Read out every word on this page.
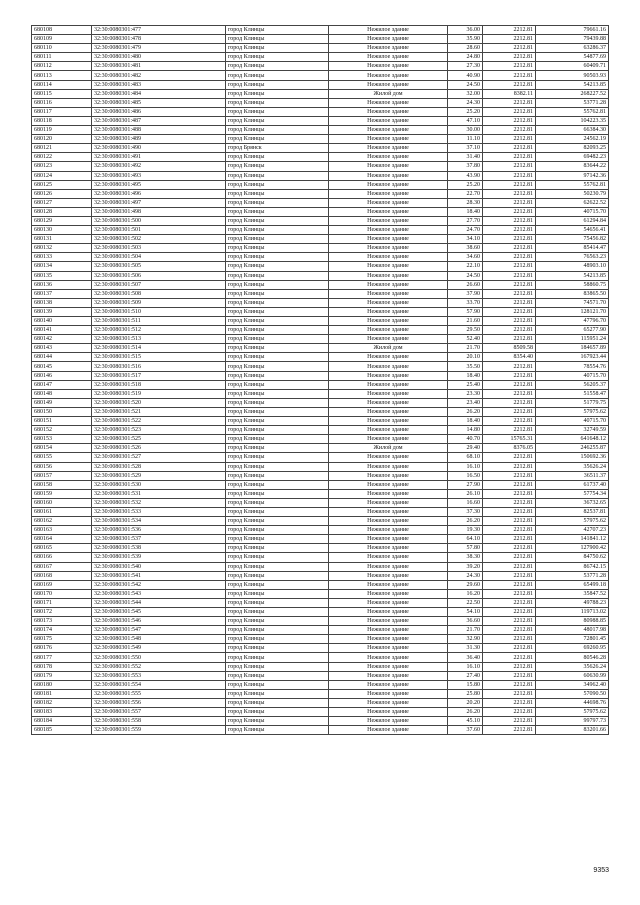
680108	32:30:0080301:477	город Клинцы	Нежилое здание	36.00	2212.81	79661.16
680109	32:30:0080301:478	город Клинцы	Нежилое здание	35.90	2212.81	79439.88
680110	32:30:0080301:479	город Клинцы	Нежилое здание	28.60	2212.81	63286.37
680111	32:30:0080301:480	город Клинцы	Нежилое здание	24.80	2212.81	54877.69
680112	32:30:0080301:481	город Клинцы	Нежилое здание	27.30	2212.81	60409.71
680113	32:30:0080301:482	город Клинцы	Нежилое здание	40.90	2212.81	90503.93
680114	32:30:0080301:483	город Клинцы	Нежилое здание	24.50	2212.81	54213.85
680115	32:30:0080301:484	город Клинцы	Жилой дом	32.00	8382.11	268227.52
680116	32:30:0080301:485	город Клинцы	Нежилое здание	24.30	2212.81	53771.28
680117	32:30:0080301:486	город Клинцы	Нежилое здание	25.20	2212.81	55762.81
680118	32:30:0080301:487	город Клинцы	Нежилое здание	47.10	2212.81	104223.35
680119	32:30:0080301:488	город Клинцы	Нежилое здание	30.00	2212.81	66384.30
680120	32:30:0080301:489	город Клинцы	Нежилое здание	11.10	2212.81	24562.19
680121	32:30:0080301:490	город Брянск	Нежилое здание	37.10	2212.81	82093.25
680122	32:30:0080301:491	город Клинцы	Нежилое здание	31.40	2212.81	69482.23
680123	32:30:0080301:492	город Клинцы	Нежилое здание	37.80	2212.81	83644.22
680124	32:30:0080301:493	город Клинцы	Нежилое здание	43.90	2212.81	97142.36
680125	32:30:0080301:495	город Клинцы	Нежилое здание	25.20	2212.81	55762.81
680126	32:30:0080301:496	город Клинцы	Нежилое здание	22.70	2212.81	50230.79
680127	32:30:0080301:497	город Клинцы	Нежилое здание	28.30	2212.81	62622.52
680128	32:30:0080301:498	город Клинцы	Нежилое здание	18.40	2212.81	40715.70
680129	32:30:0080301:500	город Клинцы	Нежилое здание	27.70	2212.81	61294.84
680130	32:30:0080301:501	город Клинцы	Нежилое здание	24.70	2212.81	54656.41
680131	32:30:0080301:502	город Клинцы	Нежилое здание	34.10	2212.81	75456.82
680132	32:30:0080301:503	город Клинцы	Нежилое здание	38.60	2212.81	85414.47
680133	32:30:0080301:504	город Клинцы	Нежилое здание	34.60	2212.81	76563.23
680134	32:30:0080301:505	город Клинцы	Нежилое здание	22.10	2212.81	48903.10
680135	32:30:0080301:506	город Клинцы	Нежилое здание	24.50	2212.81	54213.85
680136	32:30:0080301:507	город Клинцы	Нежилое здание	26.60	2212.81	58860.75
680137	32:30:0080301:508	город Клинцы	Нежилое здание	37.90	2212.81	83865.50
680138	32:30:0080301:509	город Клинцы	Нежилое здание	33.70	2212.81	74571.70
680139	32:30:0080301:510	город Клинцы	Нежилое здание	57.90	2212.81	128121.70
680140	32:30:0080301:511	город Клинцы	Нежилое здание	21.60	2212.81	47796.70
680141	32:30:0080301:512	город Клинцы	Нежилое здание	29.50	2212.81	65277.90
680142	32:30:0080301:513	город Клинцы	Нежилое здание	52.40	2212.81	115951.24
680143	32:30:0080301:514	город Клинцы	Жилой дом	21.70	8509.58	184657.89
680144	32:30:0080301:515	город Клинцы	Нежилое здание	20.10	8354.40	167923.44
680145	32:30:0080301:516	город Клинцы	Нежилое здание	35.50	2212.81	78554.76
680146	32:30:0080301:517	город Клинцы	Нежилое здание	18.40	2212.81	40715.70
680147	32:30:0080301:518	город Клинцы	Нежилое здание	25.40	2212.81	56205.37
680148	32:30:0080301:519	город Клинцы	Нежилое здание	23.30	2212.81	51558.47
680149	32:30:0080301:520	город Клинцы	Нежилое здание	23.40	2212.81	51779.75
680150	32:30:0080301:521	город Клинцы	Нежилое здание	26.20	2212.81	57975.62
680151	32:30:0080301:522	город Клинцы	Нежилое здание	18.40	2212.81	40715.70
680152	32:30:0080301:523	город Клинцы	Нежилое здание	14.80	2212.81	32749.59
680153	32:30:0080301:525	город Клинцы	Нежилое здание	40.70	15765.31	641648.12
680154	32:30:0080301:526	город Клинцы	Жилой дом	29.40	8376.05	246255.87
680155	32:30:0080301:527	город Клинцы	Нежилое здание	68.10	2212.81	150692.36
680156	32:30:0080301:528	город Клинцы	Нежилое здание	16.10	2212.81	35626.24
680157	32:30:0080301:529	город Клинцы	Нежилое здание	16.50	2212.81	36511.37
680158	32:30:0080301:530	город Клинцы	Нежилое здание	27.90	2212.81	61737.40
680159	32:30:0080301:531	город Клинцы	Нежилое здание	26.10	2212.81	57754.34
680160	32:30:0080301:532	город Клинцы	Нежилое здание	16.60	2212.81	36732.65
680161	32:30:0080301:533	город Клинцы	Нежилое здание	37.30	2212.81	82537.81
680162	32:30:0080301:534	город Клинцы	Нежилое здание	26.20	2212.81	57975.62
680163	32:30:0080301:536	город Клинцы	Нежилое здание	19.30	2212.81	42707.23
680164	32:30:0080301:537	город Клинцы	Нежилое здание	64.10	2212.81	141841.12
680165	32:30:0080301:538	город Клинцы	Нежилое здание	57.80	2212.81	127900.42
680166	32:30:0080301:539	город Клинцы	Нежилое здание	38.30	2212.81	84750.62
680167	32:30:0080301:540	город Клинцы	Нежилое здание	39.20	2212.81	86742.15
680168	32:30:0080301:541	город Клинцы	Нежилое здание	24.30	2212.81	53771.28
680169	32:30:0080301:542	город Клинцы	Нежилое здание	29.60	2212.81	65499.18
680170	32:30:0080301:543	город Клинцы	Нежилое здание	16.20	2212.81	35847.52
680171	32:30:0080301:544	город Клинцы	Нежилое здание	22.50	2212.81	49788.23
680172	32:30:0080301:545	город Клинцы	Нежилое здание	54.10	2212.81	119713.02
680173	32:30:0080301:546	город Клинцы	Нежилое здание	36.60	2212.81	80988.85
680174	32:30:0080301:547	город Клинцы	Нежилое здание	21.70	2212.81	48017.98
680175	32:30:0080301:548	город Клинцы	Нежилое здание	32.90	2212.81	72801.45
680176	32:30:0080301:549	город Клинцы	Нежилое здание	31.30	2212.81	69260.95
680177	32:30:0080301:550	город Клинцы	Нежилое здание	36.40	2212.81	80546.28
680178	32:30:0080301:552	город Клинцы	Нежилое здание	16.10	2212.81	35626.24
680179	32:30:0080301:553	город Клинцы	Нежилое здание	27.40	2212.81	60630.99
680180	32:30:0080301:554	город Клинцы	Нежилое здание	15.80	2212.81	34962.40
680181	32:30:0080301:555	город Клинцы	Нежилое здание	25.80	2212.81	57090.50
680182	32:30:0080301:556	город Клинцы	Нежилое здание	20.20	2212.81	44698.76
680183	32:30:0080301:557	город Клинцы	Нежилое здание	26.20	2212.81	57975.62
680184	32:30:0080301:558	город Клинцы	Нежилое здание	45.10	2212.81	99797.73
680185	32:30:0080301:559	город Клинцы	Нежилое здание	37.60	2212.81	83201.66
9353
